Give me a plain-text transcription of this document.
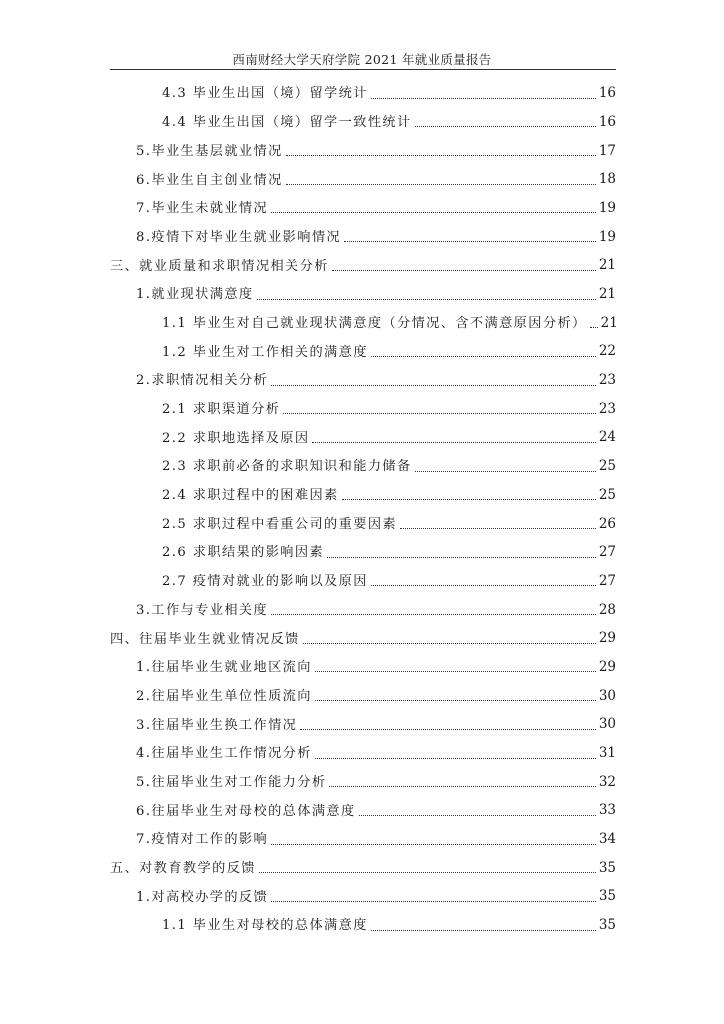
西南财经大学天府学院 2021 年就业质量报告
4.3 毕业生出国（境）留学统计	16
4.4 毕业生出国（境）留学一致性统计	16
5.毕业生基层就业情况	17
6.毕业生自主创业情况	18
7.毕业生未就业情况	19
8.疫情下对毕业生就业影响情况	19
三、就业质量和求职情况相关分析	21
1.就业现状满意度	21
1.1 毕业生对自己就业现状满意度（分情况、含不满意原因分析） 21
1.2 毕业生对工作相关的满意度	22
2.求职情况相关分析	23
2.1 求职渠道分析	23
2.2 求职地选择及原因	24
2.3 求职前必备的求职知识和能力储备	25
2.4 求职过程中的困难因素	25
2.5 求职过程中看重公司的重要因素	26
2.6 求职结果的影响因素	27
2.7 疫情对就业的影响以及原因	27
3.工作与专业相关度	28
四、往届毕业生就业情况反馈	29
1.往届毕业生就业地区流向	29
2.往届毕业生单位性质流向	30
3.往届毕业生换工作情况	30
4.往届毕业生工作情况分析	31
5.往届毕业生对工作能力分析	32
6.往届毕业生对母校的总体满意度	33
7.疫情对工作的影响	34
五、对教育教学的反馈	35
1.对高校办学的反馈	35
1.1 毕业生对母校的总体满意度	35
